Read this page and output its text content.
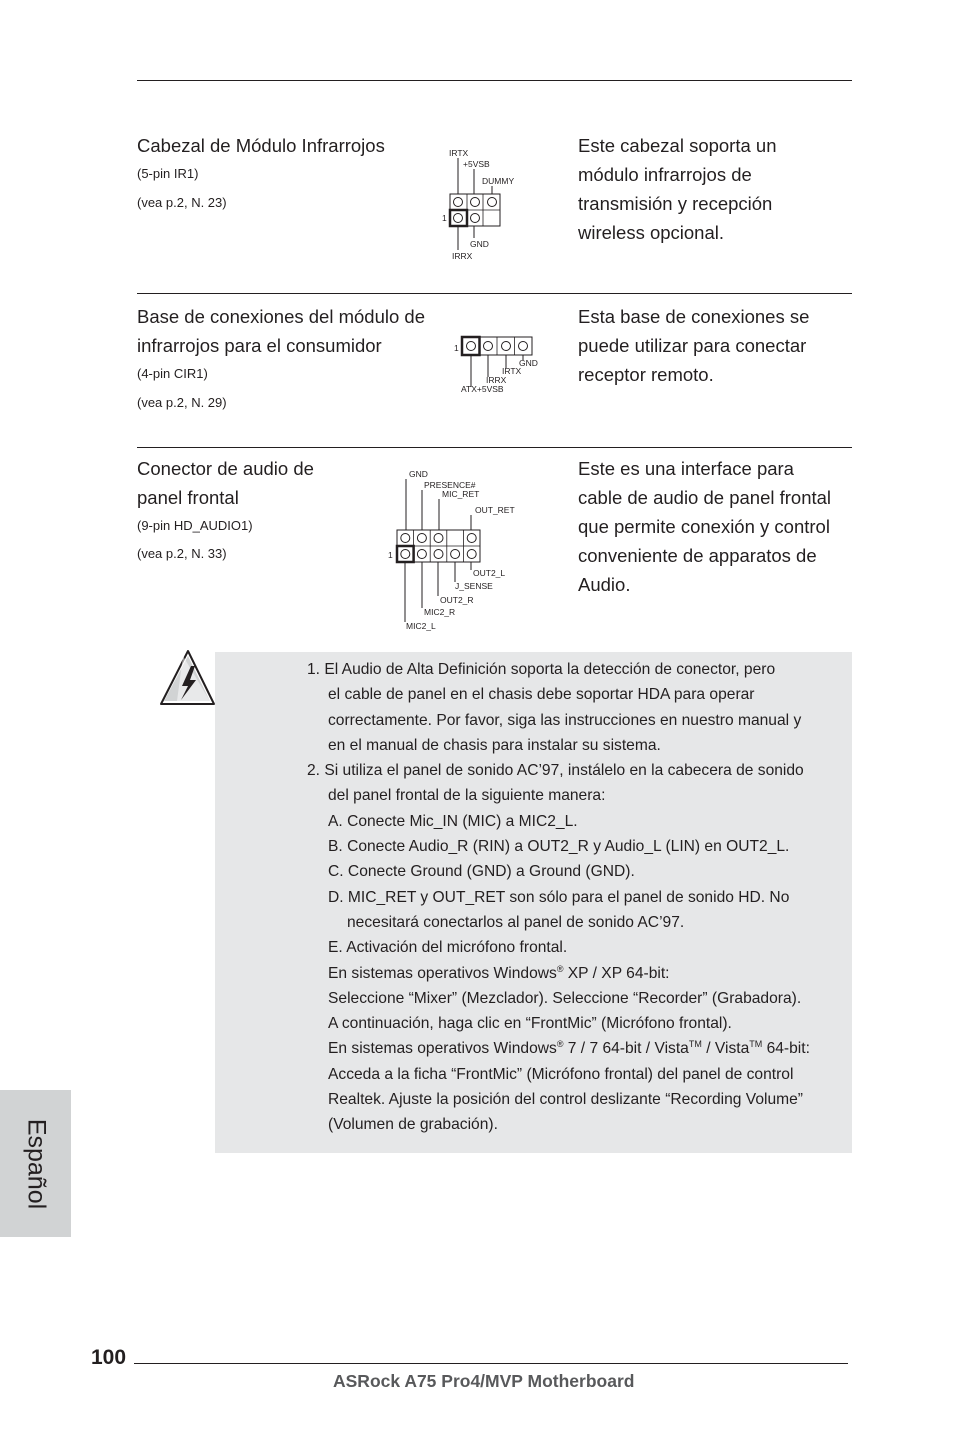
Cabezal de Módulo Infrarrojos
(5-pin IR1)
(vea p.2, N. 23)
IRTX
+5VSB
DUMMY
1
GND
IRRX
Este cabezal soporta un
módulo infrarrojos de
transmisión y recepción
wireless opcional.
Base de conexiones del módulo de
infrarrojos para el consumidor
(4-pin CIR1)
(vea p.2, N. 29)
1
GND
IRTX
IRRX
ATX+5VSB
Esta base de conexiones se
puede utilizar para conectar
receptor remoto.
Conector de audio de
panel frontal
(9-pin HD_AUDIO1)
(vea p.2, N. 33)
GND
PRESENCE#
MIC_RET
OUT_RET
1
OUT2_L
J_SENSE
OUT2_R
MIC2_R
MIC2_L
Este es una interface para
cable de audio de panel frontal
que permite conexión y control
conveniente de apparatos de
Audio.
1. El Audio de Alta Definición soporta la detección de conector, pero
el cable de panel en el chasis debe soportar HDA para operar
correctamente. Por favor, siga las instrucciones en nuestro manual y
en el manual de chasis para instalar su sistema.
2. Si utiliza el panel de sonido AC’97, instálelo en la cabecera de sonido
del panel frontal de la siguiente manera:
A. Conecte Mic_IN (MIC) a MIC2_L.
B. Conecte Audio_R (RIN) a OUT2_R y Audio_L (LIN) en OUT2_L.
C. Conecte Ground (GND) a Ground (GND).
D. MIC_RET y OUT_RET son sólo para el panel de sonido HD. No
necesitará conectarlos al panel de sonido AC’97.
E. Activación del micrófono frontal.
En sistemas operativos Windows® XP / XP 64-bit:
Seleccione “Mixer” (Mezclador). Seleccione “Recorder” (Grabadora).
A continuación, haga clic en “FrontMic” (Micrófono frontal).
En sistemas operativos Windows® 7 / 7 64-bit / Vista™ / Vista™ 64-bit:
Acceda a la ficha “FrontMic” (Micrófono frontal) del panel de control
Realtek. Ajuste la posición del control deslizante “Recording Volume”
(Volumen de grabación).
Español
100
ASRock A75 Pro4/MVP Motherboard
